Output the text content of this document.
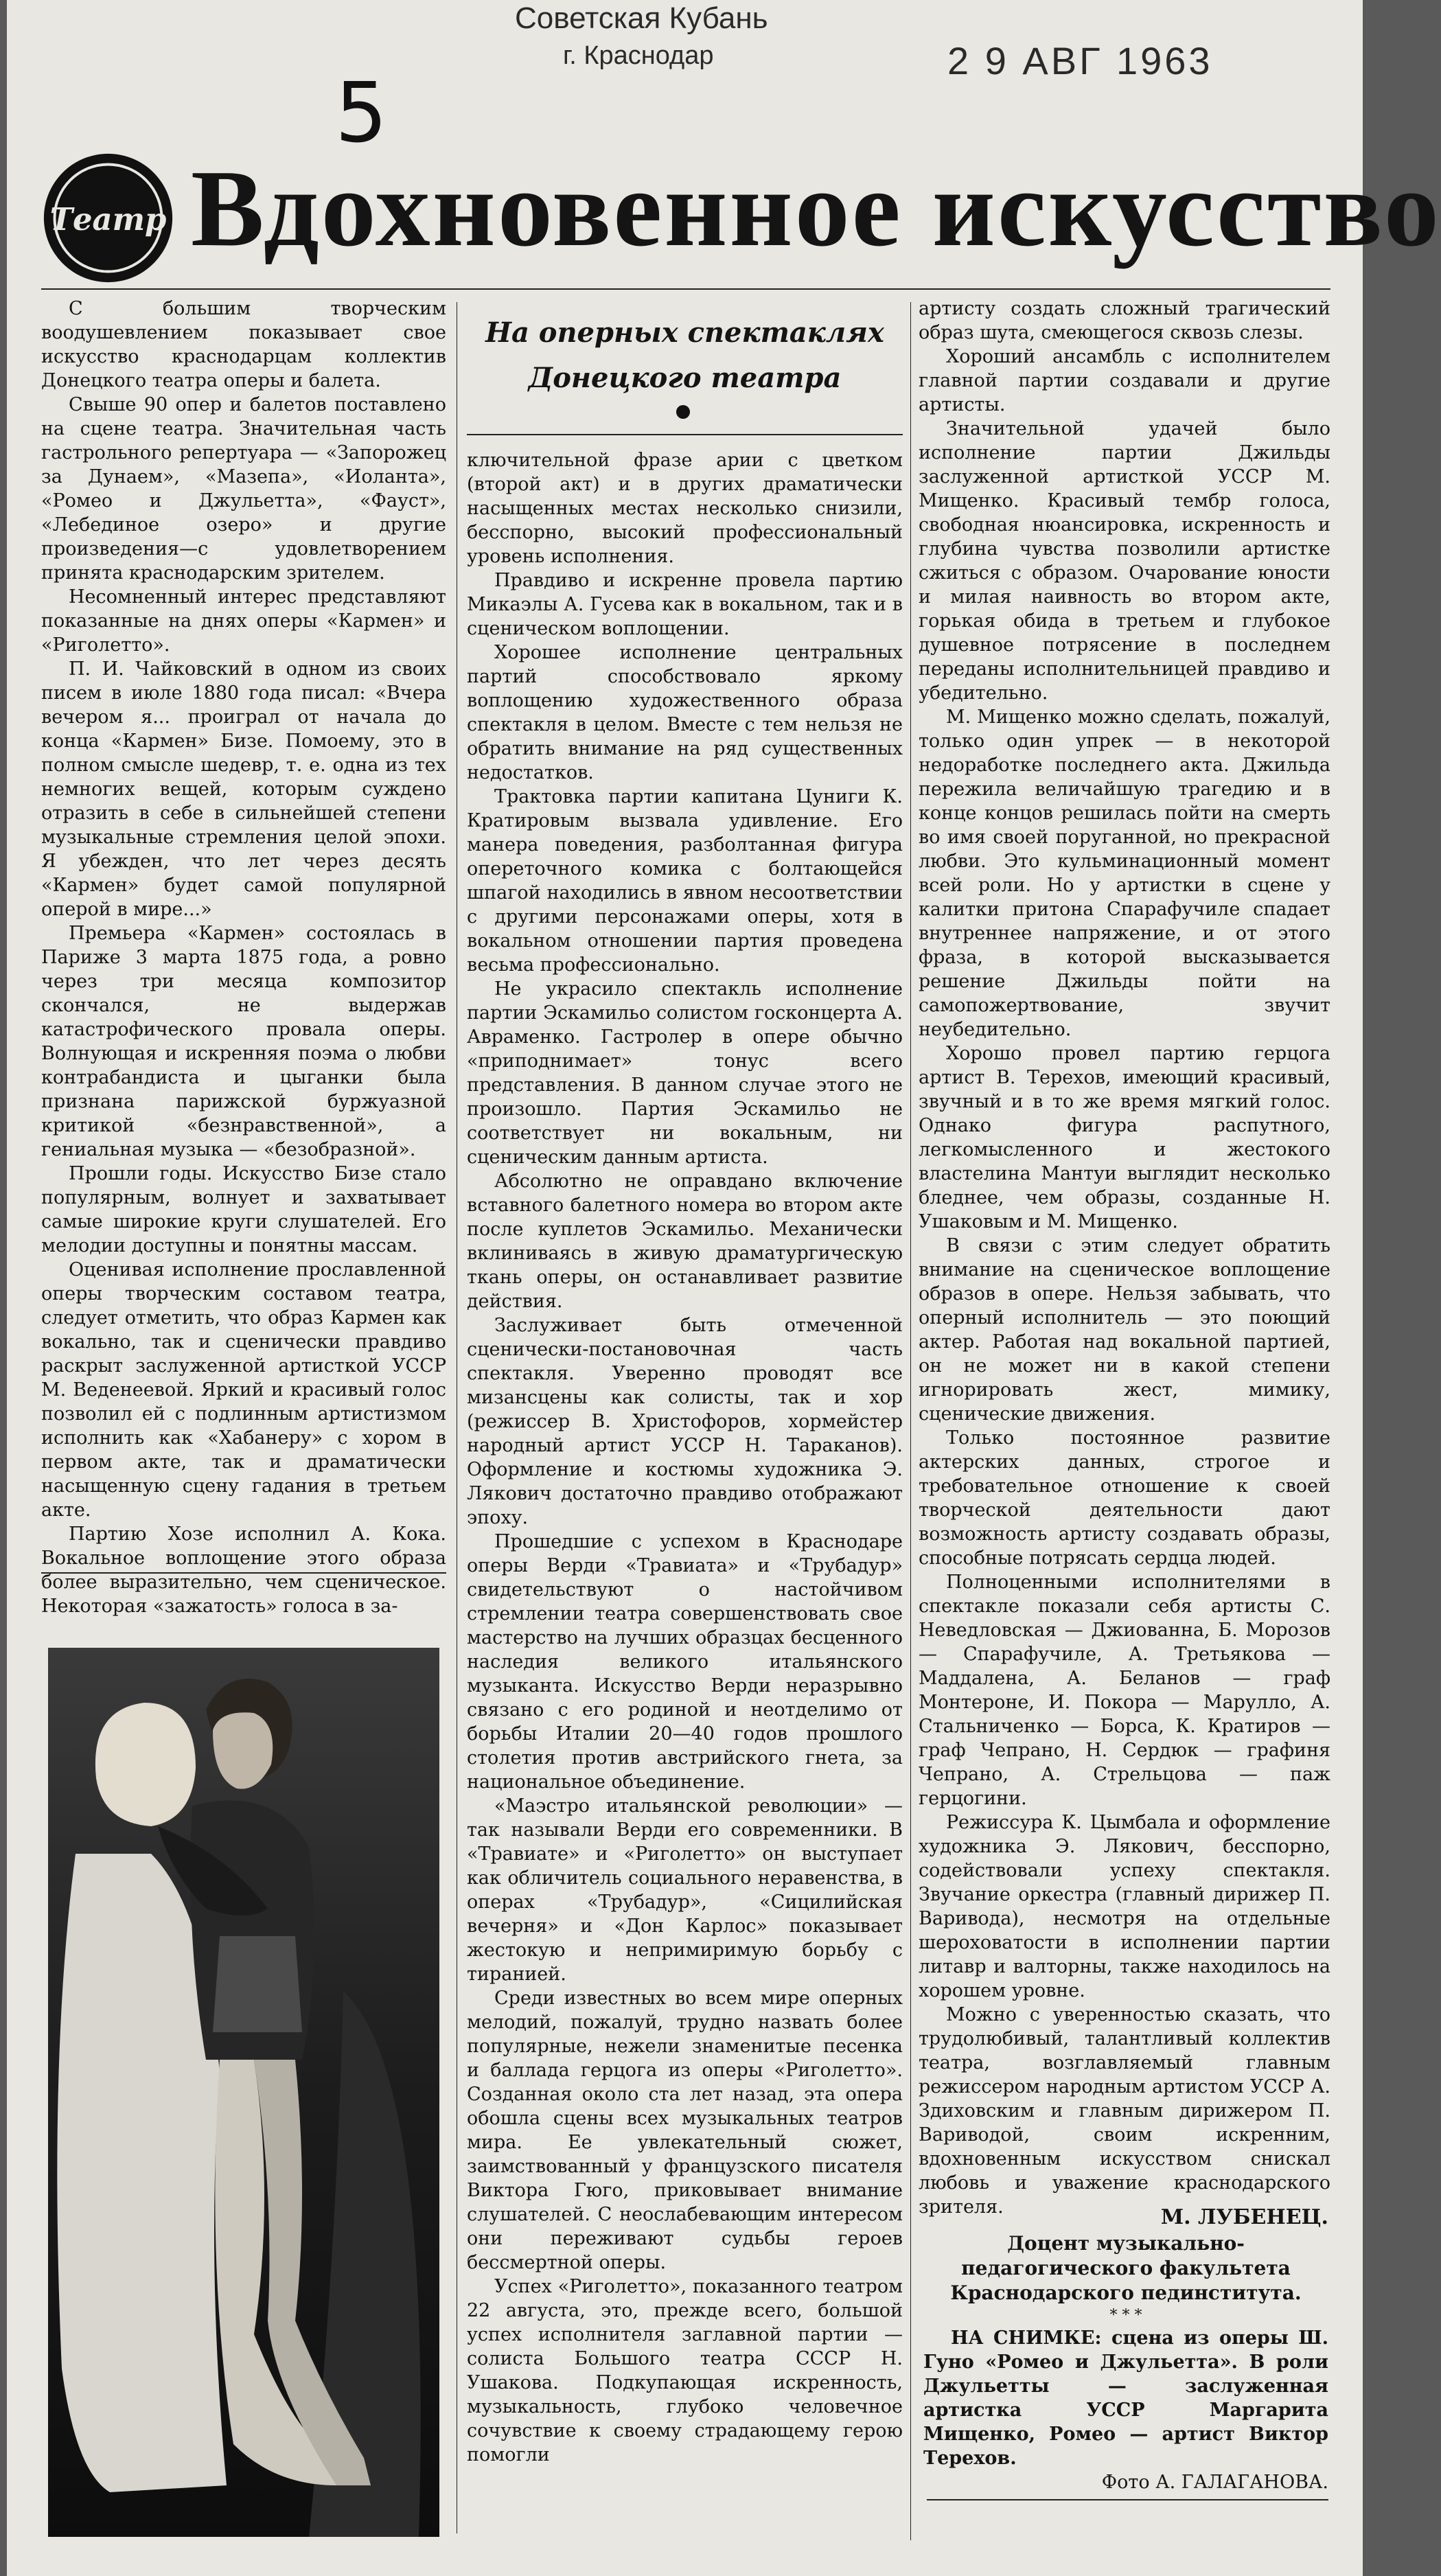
Советская Кубань
г. Краснодар	2 9 АВГ 1963
5
Театр Вдохновенное искусство
На оперных спектаклях
Донецкого театра

С большим творческим воодушевлением показывает свое искусство краснодарцам коллектив Донецкого театра оперы и балета.

Свыше 90 опер и балетов поставлено на сцене театра. Значительная часть гастрольного репертуара — «Запорожец за Дунаем», «Мазепа», «Иоланта», «Ромео и Джульетта», «Фауст», «Лебединое озеро» и другие произведения—с удовлетворением принята краснодарским зрителем.

Несомненный интерес представляют показанные на днях оперы «Кармен» и «Риголетто».

П. И. Чайковский в одном из своих писем в июле 1880 года писал: «Вчера вечером я... проиграл от начала до конца «Кармен» Бизе. Помоему, это в полном смысле шедевр, т. е. одна из тех немногих вещей, которым суждено отразить в себе в сильнейшей степени музыкальные стремления целой эпохи. Я убежден, что лет через десять «Кармен» будет самой популярной оперой в мире...»

Премьера «Кармен» состоялась в Париже 3 марта 1875 года, а ровно через три месяца композитор скончался, не выдержав катастрофического провала оперы. Волнующая и искренняя поэма о любви контрабандиста и цыганки была признана парижской буржуазной критикой «безнравственной», а гениальная музыка — «безобразной».

Прошли годы. Искусство Бизе стало популярным, волнует и захватывает самые широкие круги слушателей. Его мелодии доступны и понятны массам.

Оценивая исполнение прославленной оперы творческим составом театра, следует отметить, что образ Кармен как вокально, так и сценически правдиво раскрыт заслуженной артисткой УССР М. Веденеевой. Яркий и красивый голос позволил ей с подлинным артистизмом исполнить как «Хабанеру» с хором в первом акте, так и драматически насыщенную сцену гадания в третьем акте.

Партию Хозе исполнил А. Кока. Вокальное воплощение этого образа более выразительно, чем сценическое. Некоторая «зажатость» голоса в за-

ключительной фразе арии с цветком (второй акт) и в других драматически насыщенных местах несколько снизили, бесспорно, высокий профессиональный уровень исполнения.

Правдиво и искренне провела партию Микаэлы А. Гусева как в вокальном, так и в сценическом воплощении.

Хорошее исполнение центральных партий способствовало яркому воплощению художественного образа спектакля в целом. Вместе с тем нельзя не обратить внимание на ряд существенных недостатков.

Трактовка партии капитана Цуниги К. Кратировым вызвала удивление. Его манера поведения, разболтанная фигура опереточного комика с болтающейся шпагой находились в явном несоответствии с другими персонажами оперы, хотя в вокальном отношении партия проведена весьма профессионально.

Не украсило спектакль исполнение партии Эскамильо солистом госконцерта А. Авраменко. Гастролер в опере обычно «приподнимает» тонус всего представления. В данном случае этого не произошло. Партия Эскамильо не соответствует ни вокальным, ни сценическим данным артиста.

Абсолютно не оправдано включение вставного балетного номера во втором акте после куплетов Эскамильо. Механически вклиниваясь в живую драматургическую ткань оперы, он останавливает развитие действия.

Заслуживает быть отмеченной сценически-постановочная часть спектакля. Уверенно проводят все мизансцены как солисты, так и хор (режиссер В. Христофоров, хормейстер народный артист УССР Н. Тараканов). Оформление и костюмы художника Э. Лякович достаточно правдиво отображают эпоху.

Прошедшие с успехом в Краснодаре оперы Верди «Травиата» и «Трубадур» свидетельствуют о настойчивом стремлении театра совершенствовать свое мастерство на лучших образцах бесценного наследия великого итальянского музыканта. Искусство Верди неразрывно связано с его родиной и неотделимо от борьбы Италии 20—40 годов прошлого столетия против австрийского гнета, за национальное объединение.

«Маэстро итальянской революции» — так называли Верди его современники. В «Травиате» и «Риголетто» он выступает как обличитель социального неравенства, в операх «Трубадур», «Сицилийская вечерня» и «Дон Карлос» показывает жестокую и непримиримую борьбу с тиранией.

Среди известных во всем мире оперных мелодий, пожалуй, трудно назвать более популярные, нежели знаменитые песенка и баллада герцога из оперы «Риголетто». Созданная около ста лет назад, эта опера обошла сцены всех музыкальных театров мира. Ее увлекательный сюжет, заимствованный у французского писателя Виктора Гюго, приковывает внимание слушателей. С неослабевающим интересом они переживают судьбы героев бессмертной оперы.

Успех «Риголетто», показанного театром 22 августа, это, прежде всего, большой успех исполнителя заглавной партии — солиста Большого театра СССР Н. Ушакова. Подкупающая искренность, музыкальность, глубоко человечное сочувствие к своему страдающему герою помогли

артисту создать сложный трагический образ шута, смеющегося сквозь слезы.

Хороший ансамбль с исполнителем главной партии создавали и другие артисты.

Значительной удачей было исполнение партии Джильды заслуженной артисткой УССР М. Мищенко. Красивый тембр голоса, свободная нюансировка, искренность и глубина чувства позволили артистке сжиться с образом. Очарование юности и милая наивность во втором акте, горькая обида в третьем и глубокое душевное потрясение в последнем переданы исполнительницей правдиво и убедительно.

М. Мищенко можно сделать, пожалуй, только один упрек — в некоторой недоработке последнего акта. Джильда пережила величайшую трагедию и в конце концов решилась пойти на смерть во имя своей поруганной, но прекрасной любви. Это кульминационный момент всей роли. Но у артистки в сцене у калитки притона Спарафучиле спадает внутреннее напряжение, и от этого фраза, в которой высказывается решение Джильды пойти на самопожертвование, звучит неубедительно.

Хорошо провел партию герцога артист В. Терехов, имеющий красивый, звучный и в то же время мягкий голос. Однако фигура распутного, легкомысленного и жестокого властелина Мантуи выглядит несколько бледнее, чем образы, созданные Н. Ушаковым и М. Мищенко.

В связи с этим следует обратить внимание на сценическое воплощение образов в опере. Нельзя забывать, что оперный исполнитель — это поющий актер. Работая над вокальной партией, он не может ни в какой степени игнорировать жест, мимику, сценические движения.

Только постоянное развитие актерских данных, строгое и требовательное отношение к своей творческой деятельности дают возможность артисту создавать образы, способные потрясать сердца людей.

Полноценными исполнителями в спектакле показали себя артисты С. Неведловская — Джиованна, Б. Морозов — Спарафучиле, А. Третьякова — Маддалена, А. Беланов — граф Монтероне, И. Покора — Марулло, А. Стальниченко — Борса, К. Кратиров — граф Чепрано, Н. Сердюк — графиня Чепрано, А. Стрельцова — паж герцогини.

Режиссура К. Цымбала и оформление художника Э. Лякович, бесспорно, содействовали успеху спектакля. Звучание оркестра (главный дирижер П. Варивода), несмотря на отдельные шероховатости в исполнении партии литавр и валторны, также находилось на хорошем уровне.

Можно с уверенностью сказать, что трудолюбивый, талантливый коллектив театра, возглавляемый главным режиссером народным артистом УССР А. Здиховским и главным дирижером П. Вариводой, своим искренним, вдохновенным искусством снискал любовь и уважение краснодарского зрителя.	М. ЛУБЕНЕЦ.
Доцент музыкально-педагогического факультета Краснодарского пединститута.
* * *

НА СНИМКЕ: сцена из оперы Ш. Гуно «Ромео и Джульетта». В роли Джульетты — заслуженная артистка УССР Маргарита Мищенко, Ромео — артист Виктор Терехов.

Фото А. ГАЛАГАНОВА.
